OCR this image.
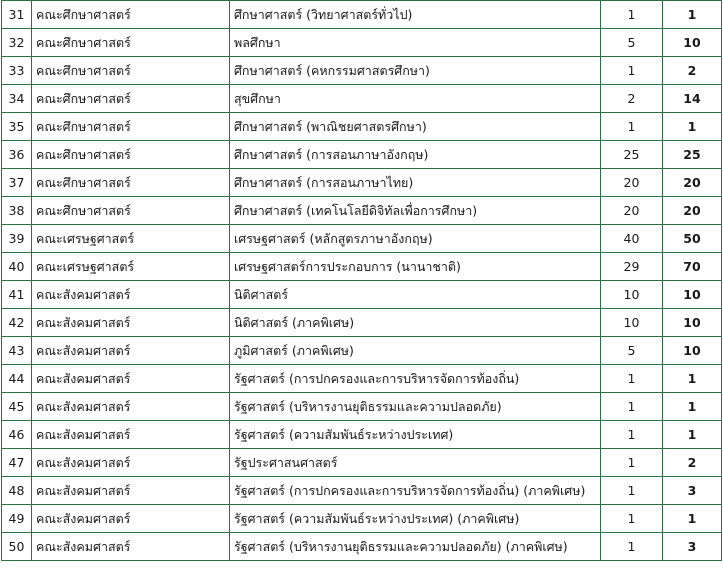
31	คณะศึกษาศาสตร์	ศึกษาศาสตร์ (วิทยาศาสตร์ทั่วไป)	1	1
32	คณะศึกษาศาสตร์	พลศึกษา	5	10
33	คณะศึกษาศาสตร์	ศึกษาศาสตร์ (คหกรรมศาสตรศึกษา)	1	2
34	คณะศึกษาศาสตร์	สุขศึกษา	2	14
35	คณะศึกษาศาสตร์	ศึกษาศาสตร์ (พาณิชยศาสตรศึกษา)	1	1
36	คณะศึกษาศาสตร์	ศึกษาศาสตร์ (การสอนภาษาอังกฤษ)	25	25
37	คณะศึกษาศาสตร์	ศึกษาศาสตร์ (การสอนภาษาไทย)	20	20
38	คณะศึกษาศาสตร์	ศึกษาศาสตร์ (เทคโนโลยีดิจิทัลเพื่อการศึกษา)	20	20
39	คณะเศรษฐศาสตร์	เศรษฐศาสตร์ (หลักสูตรภาษาอังกฤษ)	40	50
40	คณะเศรษฐศาสตร์	เศรษฐศาสตร์การประกอบการ (นานาชาติ)	29	70
41	คณะสังคมศาสตร์	นิติศาสตร์	10	10
42	คณะสังคมศาสตร์	นิติศาสตร์ (ภาคพิเศษ)	10	10
43	คณะสังคมศาสตร์	ภูมิศาสตร์ (ภาคพิเศษ)	5	10
44	คณะสังคมศาสตร์	รัฐศาสตร์ (การปกครองและการบริหารจัดการท้องถิ่น)	1	1
45	คณะสังคมศาสตร์	รัฐศาสตร์ (บริหารงานยุติธรรมและความปลอดภัย)	1	1
46	คณะสังคมศาสตร์	รัฐศาสตร์ (ความสัมพันธ์ระหว่างประเทศ)	1	1
47	คณะสังคมศาสตร์	รัฐประศาสนศาสตร์	1	2
48	คณะสังคมศาสตร์	รัฐศาสตร์ (การปกครองและการบริหารจัดการท้องถิ่น) (ภาคพิเศษ)	1	3
49	คณะสังคมศาสตร์	รัฐศาสตร์ (ความสัมพันธ์ระหว่างประเทศ) (ภาคพิเศษ)	1	1
50	คณะสังคมศาสตร์	รัฐศาสตร์ (บริหารงานยุติธรรมและความปลอดภัย) (ภาคพิเศษ)	1	3
